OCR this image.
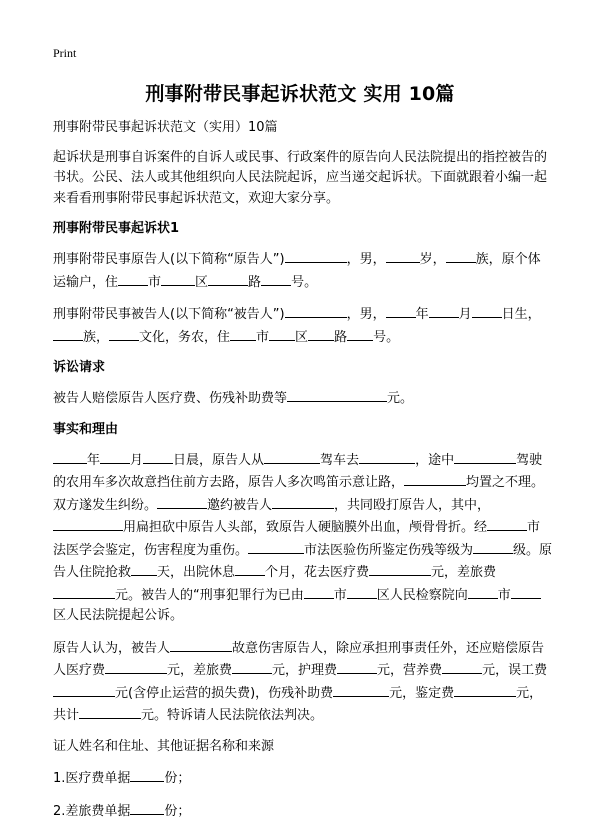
Print
刑事附带民事起诉状范文 实用 10篇

刑事附带民事起诉状范文（实用）10篇

起诉状是刑事自诉案件的自诉人或民事、行政案件的原告向人民法院提出的指控被告的书状。公民、法人或其他组织向人民法院起诉，应当递交起诉状。下面就跟着小编一起来看看刑事附带民事起诉状范文，欢迎大家分享。

刑事附带民事起诉状1

刑事附带民事原告人(以下简称“原告人”)	，男，	岁， 族，原个体运输户，住 市	区	路 号。

刑事附带民事被告人(以下简称“被告人”)	，男， 年 月 日生，族， 文化，务农，住 市 区 路 号。

诉讼请求

被告人赔偿原告人医疗费、伤残补助费等	元。

事实和理由

年 月 日晨，原告人从	驾车去	，途中	驾驶的农用车多次故意挡住前方去路，原告人多次鸣笛示意让路，	均置之不理。双方遂发生纠纷。	邀约被告人	，共同殴打原告人，其中，用扁担砍中原告人头部，致原告人硬脑膜外出血，颅骨骨折。经	市法医学会鉴定，伤害程度为重伤。	市法医验伤所鉴定伤残等级为	级。原告人住院抢救 天，出院休息 个月，花去医疗费	元，差旅费元。被告人的“刑事犯罪行为已由 市 区人民检察院向 市区人民法院提起公诉。

原告人认为，被告人	故意伤害原告人，除应承担刑事责任外，还应赔偿原告人医疗费	元，差旅费	元，护理费	元，营养费	元，误工费元(含停止运营的损失费)，伤残补助费	元，鉴定费	元，共计	元。特诉请人民法院依法判决。

证人姓名和住址、其他证据名称和来源

1.医疗费单据	份；

2.差旅费单据	份；
